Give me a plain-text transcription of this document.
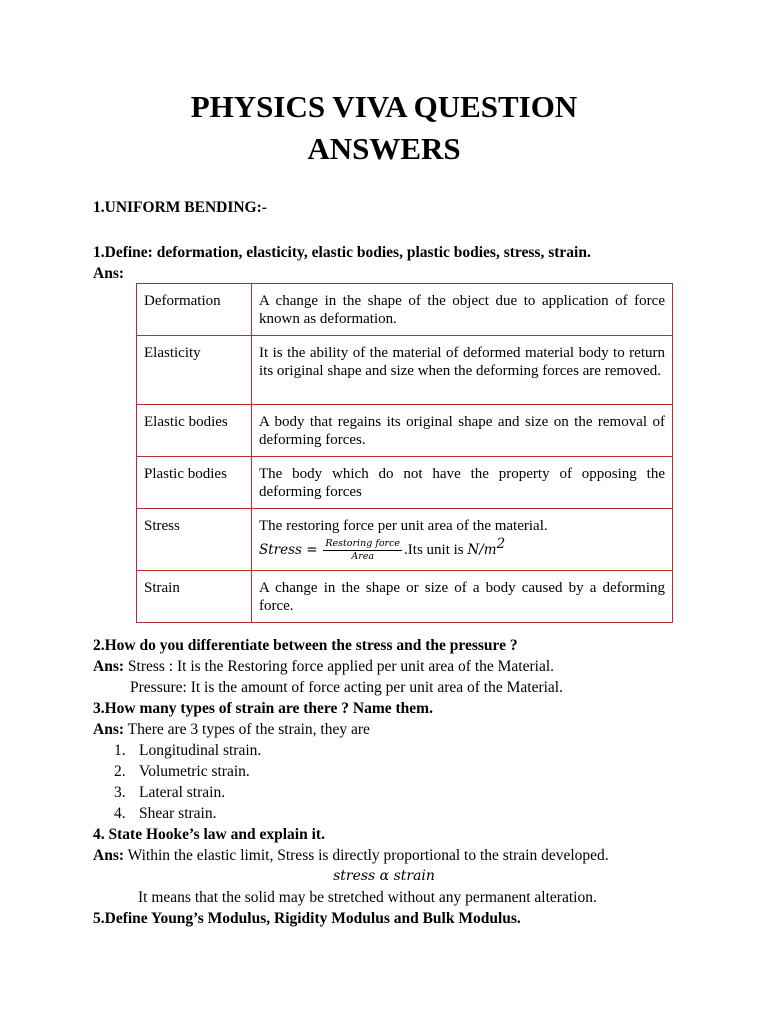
PHYSICS VIVA QUESTION
ANSWERS
1.UNIFORM BENDING:-
1.Define: deformation, elasticity, elastic bodies, plastic bodies, stress, strain.
Ans:
Deformation	A change in the shape of the object due to application of force known as deformation.
Elasticity	It is the ability of the material of deformed material body to return its original shape and size when the deforming forces are removed.
Elastic bodies	A body that regains its original shape and size on the removal of deforming forces.
Plastic bodies	The body which do not have the property of opposing the deforming forces
Stress	The restoring force per unit area of the material.
Stress = $\frac{\text{Restoring force}}{\text{Area}} .Its$ unit is $N/m^2$
Strain	A change in the shape or size of a body caused by a deforming force.
2.How do you differentiate between the stress and the pressure ?
Ans: Stress : It is the Restoring force applied per unit area of the Material.
Pressure: It is the amount of force acting per unit area of the Material.
3.How many types of strain are there ? Name them.
Ans: There are 3 types of the strain, they are
1. Longitudinal strain.
2. Volumetric strain.
3. Lateral strain.
4. Shear strain.
4. State Hooke’s law and explain it.
Ans: Within the elastic limit, Stress is directly proportional to the strain developed.
stress α strain
It means that the solid may be stretched without any permanent alteration.
5.Define Young’s Modulus, Rigidity Modulus and Bulk Modulus.
